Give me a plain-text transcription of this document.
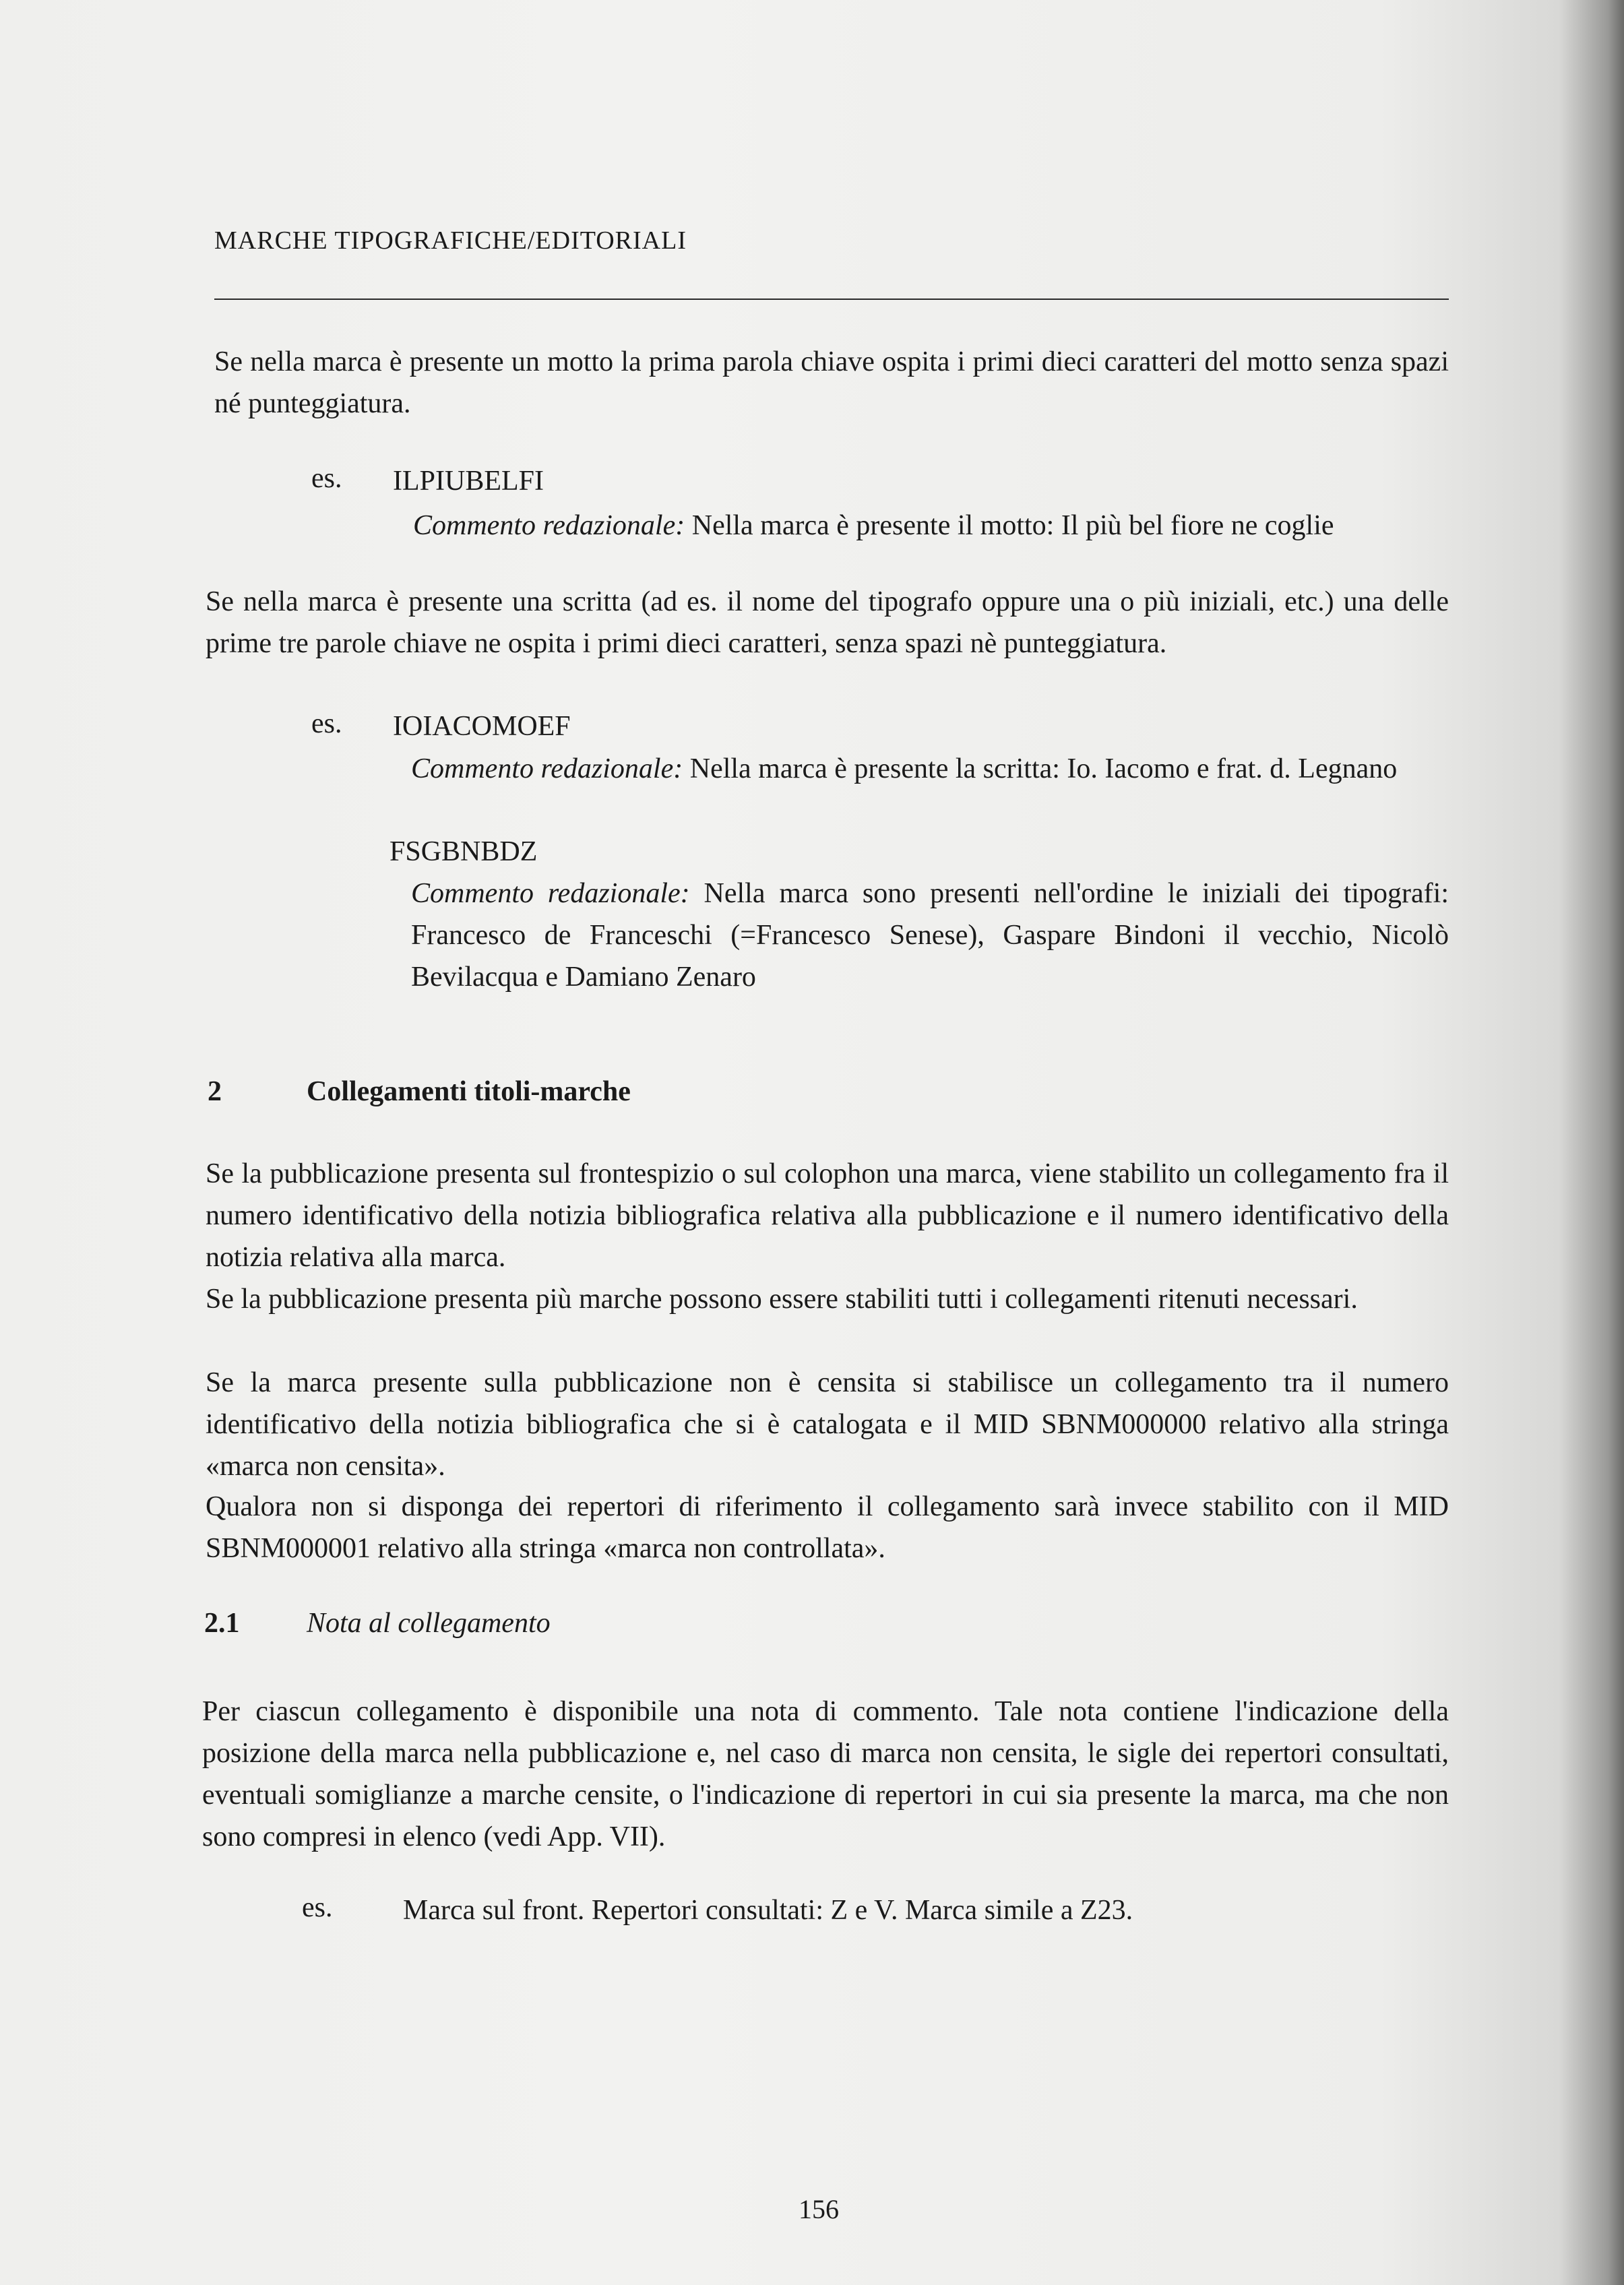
MARCHE TIPOGRAFICHE/EDITORIALI

Se nella marca è presente un motto la prima parola chiave ospita i primi dieci caratteri del motto senza spazi né punteggiatura.

es. ILPIUBELFI
Commento redazionale: Nella marca è presente il motto: Il più bel fiore ne coglie

Se nella marca è presente una scritta (ad es. il nome del tipografo oppure una o più iniziali, etc.) una delle prime tre parole chiave ne ospita i primi dieci caratteri, senza spazi nè punteggiatura.

es. IOIACOMOEF
Commento redazionale: Nella marca è presente la scritta: Io. Iacomo e frat. d. Legnano
FSGBNBDZ
Commento redazionale: Nella marca sono presenti nell'ordine le iniziali dei tipografi: Francesco de Franceschi (=Francesco Senese), Gaspare Bindoni il vecchio, Nicolò Bevilacqua e Damiano Zenaro
2	Collegamenti titoli-marche

Se la pubblicazione presenta sul frontespizio o sul colophon una marca, viene stabilito un collegamento fra il numero identificativo della notizia bibliografica relativa alla pubblicazione e il numero identificativo della notizia relativa alla marca.

Se la pubblicazione presenta più marche possono essere stabiliti tutti i collegamenti ritenuti necessari.

Se la marca presente sulla pubblicazione non è censita si stabilisce un collegamento tra il numero identificativo della notizia bibliografica che si è catalogata e il MID SBNM000000 relativo alla stringa «marca non censita».

Qualora non si disponga dei repertori di riferimento il collegamento sarà invece stabilito con il MID SBNM000001 relativo alla stringa «marca non controllata».

2.1 Nota al collegamento

Per ciascun collegamento è disponibile una nota di commento. Tale nota contiene l'indicazione della posizione della marca nella pubblicazione e, nel caso di marca non censita, le sigle dei repertori consultati, eventuali somiglianze a marche censite, o l'indicazione di repertori in cui sia presente la marca, ma che non sono compresi in elenco (vedi App. VII).

es. Marca sul front. Repertori consultati: Z e V. Marca simile a Z23.
156
